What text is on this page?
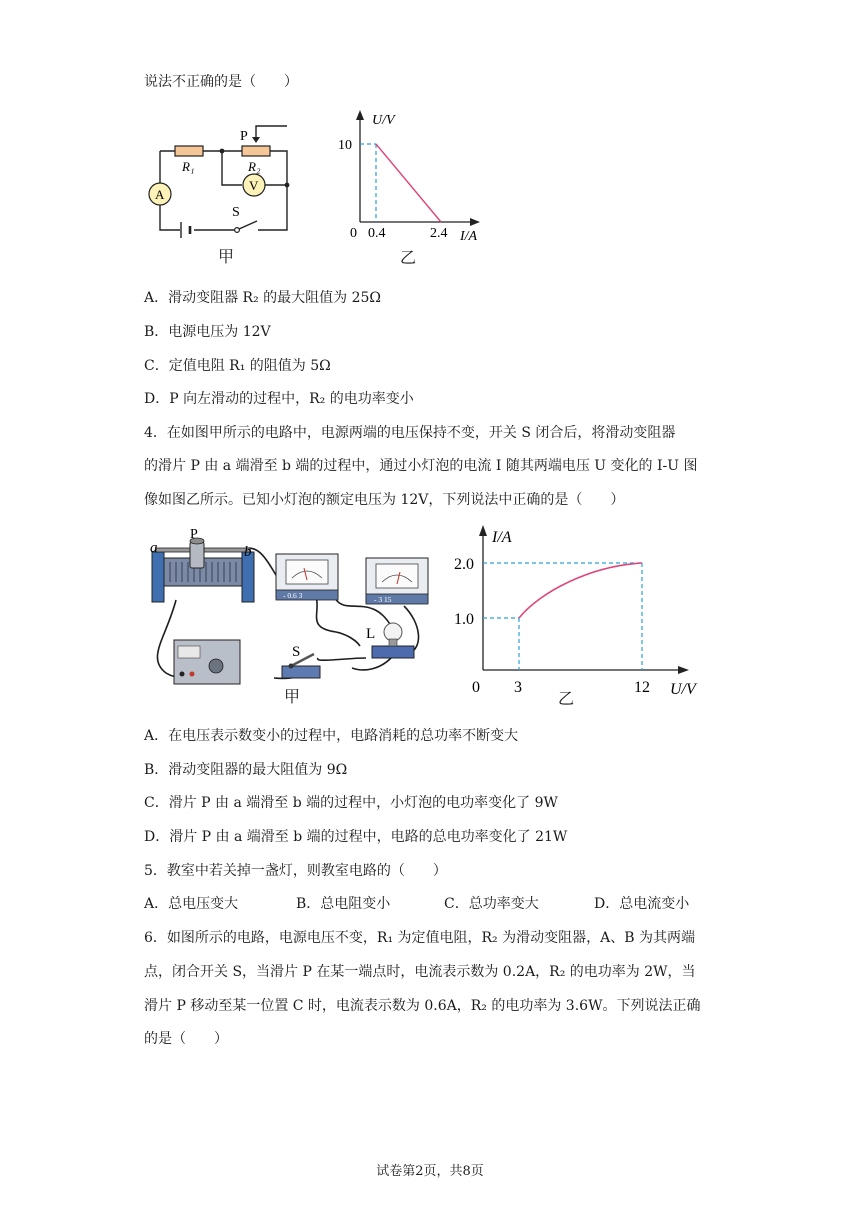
说法不正确的是（　　）
A
V
R₁	R₂
P
S
甲
U/V
10
0 0.4	2.4 I/A
乙
A．滑动变阻器 R₂ 的最大阻值为 25Ω
B．电源电压为 12V
C．定值电阻 R₁ 的阻值为 5Ω
D．P 向左滑动的过程中，R₂ 的电功率变小
4．在如图甲所示的电路中，电源两端的电压保持不变，开关 S 闭合后，将滑动变阻器
的滑片 P 由 a 端滑至 b 端的过程中，通过小灯泡的电流 I 随其两端电压 U 变化的 I-U 图
像如图乙所示。已知小灯泡的额定电压为 12V，下列说法中正确的是（　　）
- 0.6 3	- 3 15
a	b
P
S
L
甲
I/A
2.0
1.0
0 3	12 U/V
乙
A．在电压表示数变小的过程中，电路消耗的总功率不断变大
B．滑动变阻器的最大阻值为 9Ω
C．滑片 P 由 a 端滑至 b 端的过程中，小灯泡的电功率变化了 9W
D．滑片 P 由 a 端滑至 b 端的过程中，电路的总电功率变化了 21W
5．教室中若关掉一盏灯，则教室电路的（　　）
A．总电压变大	B．总电阻变小	C．总功率变大	D．总电流变小
6．如图所示的电路，电源电压不变，R₁ 为定值电阻，R₂ 为滑动变阻器，A、B 为其两端
点，闭合开关 S，当滑片 P 在某一端点时，电流表示数为 0.2A，R₂ 的电功率为 2W，当
滑片 P 移动至某一位置 C 时，电流表示数为 0.6A，R₂ 的电功率为 3.6W。下列说法正确
的是（　　）
试卷第2页，共8页
